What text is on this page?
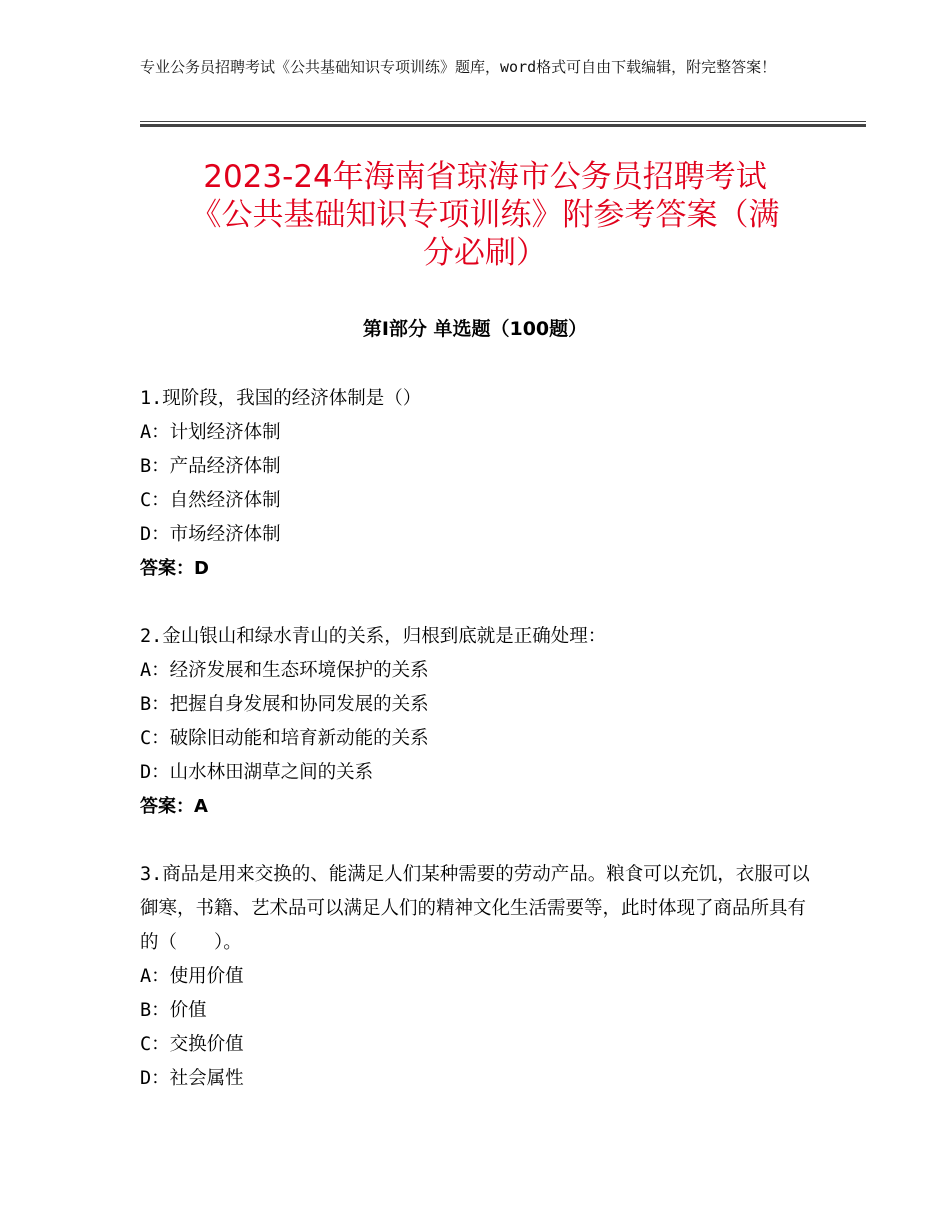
专业公务员招聘考试《公共基础知识专项训练》题库，word格式可自由下载编辑，附完整答案！
2023-24年海南省琼海市公务员招聘考试
《公共基础知识专项训练》附参考答案（满
分必刷）
第Ⅰ部分 单选题（100题）
1.现阶段，我国的经济体制是（）
A：计划经济体制
B：产品经济体制
C：自然经济体制
D：市场经济体制
答案：D
2.金山银山和绿水青山的关系，归根到底就是正确处理：
A：经济发展和生态环境保护的关系
B：把握自身发展和协同发展的关系
C：破除旧动能和培育新动能的关系
D：山水林田湖草之间的关系
答案：A
3.商品是用来交换的、能满足人们某种需要的劳动产品。粮食可以充饥，衣服可以御寒，书籍、艺术品可以满足人们的精神文化生活需要等，此时体现了商品所具有的（　　）。
A：使用价值
B：价值
C：交换价值
D：社会属性
